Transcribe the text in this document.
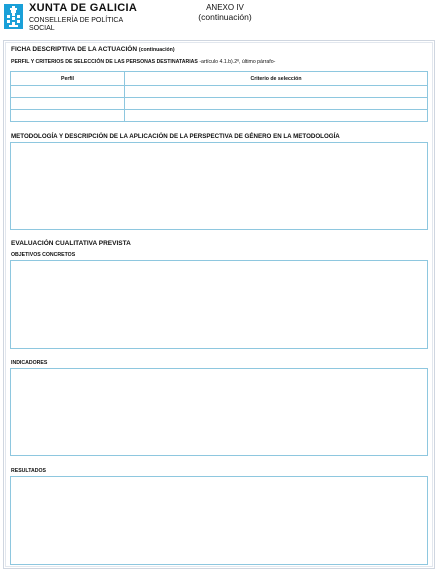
XUNTA DE GALICIA
CONSELLERÍA DE POLÍTICA
SOCIAL
ANEXO IV
(continuación)
FICHA DESCRIPTIVA DE LA ACTUACIÓN (continuación)
PERFIL Y CRITERIOS DE SELECCIÓN DE LAS PERSONAS DESTINATARIAS -artículo 4.1.b).2º, último párrafo-
Perfil	Criterio de selección

METODOLOGÍA Y DESCRIPCIÓN DE LA APLICACIÓN DE LA PERSPECTIVA DE GÉNERO EN LA METODOLOGÍA
EVALUACIÓN CUALITATIVA PREVISTA
OBJETIVOS CONCRETOS
INDICADORES
RESULTADOS
